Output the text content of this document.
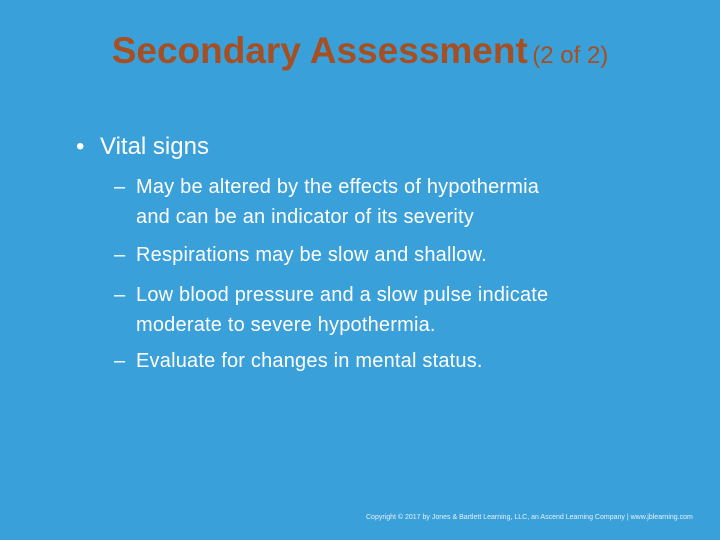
Secondary Assessment (2 of 2)
• Vital signs
– May be altered by the effects of hypothermia
and can be an indicator of its severity
– Respirations may be slow and shallow.
– Low blood pressure and a slow pulse indicate
moderate to severe hypothermia.
– Evaluate for changes in mental status.
Copyright © 2017 by Jones & Bartlett Learning, LLC, an Ascend Learning Company | www.jblearning.com
